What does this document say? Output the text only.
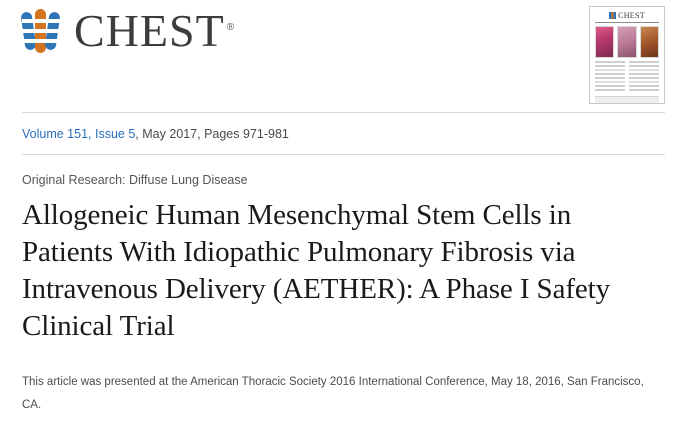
CHEST ®
CHEST
Volume 151, Issue 5, May 2017, Pages 971-981
Original Research: Diffuse Lung Disease
Allogeneic Human Mesenchymal Stem Cells in Patients With Idiopathic Pulmonary Fibrosis via Intravenous Delivery (AETHER): A Phase I Safety Clinical Trial
This article was presented at the American Thoracic Society 2016 International Conference, May 18, 2016, San Francisco, CA.
